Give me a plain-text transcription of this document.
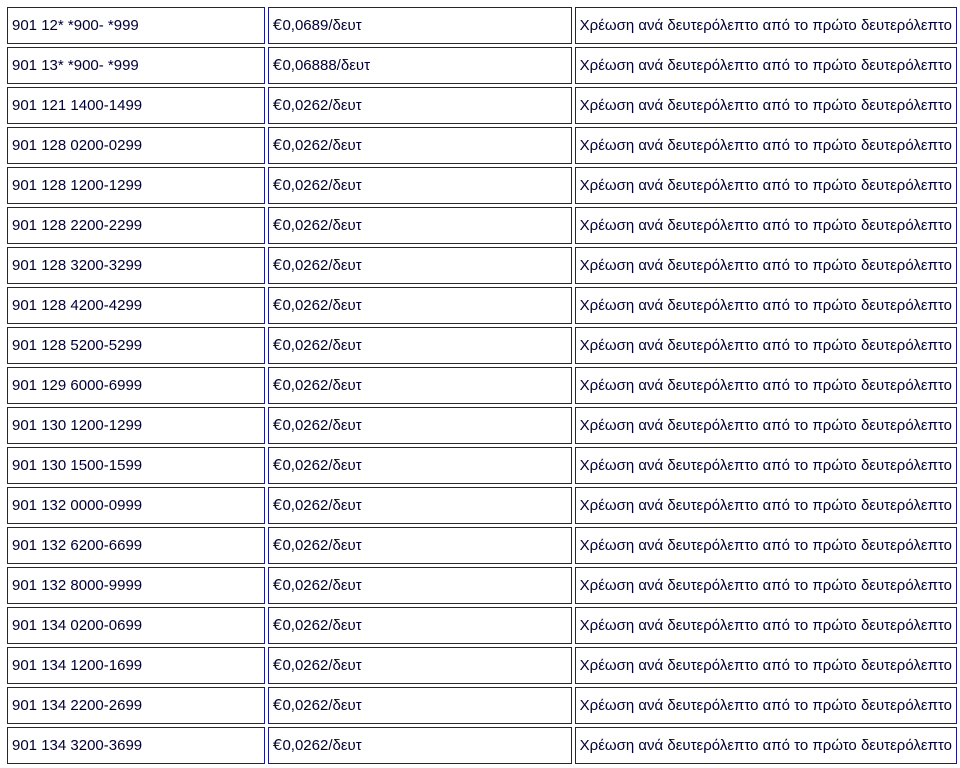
901 12* *900- *999	€0,0689/δευτ	Χρέωση ανά δευτερόλεπτο από το πρώτο δευτερόλεπτο
901 13* *900- *999	€0,06888/δευτ	Χρέωση ανά δευτερόλεπτο από το πρώτο δευτερόλεπτο
901 121 1400-1499	€0,0262/δευτ	Χρέωση ανά δευτερόλεπτο από το πρώτο δευτερόλεπτο
901 128 0200-0299	€0,0262/δευτ	Χρέωση ανά δευτερόλεπτο από το πρώτο δευτερόλεπτο
901 128 1200-1299	€0,0262/δευτ	Χρέωση ανά δευτερόλεπτο από το πρώτο δευτερόλεπτο
901 128 2200-2299	€0,0262/δευτ	Χρέωση ανά δευτερόλεπτο από το πρώτο δευτερόλεπτο
901 128 3200-3299	€0,0262/δευτ	Χρέωση ανά δευτερόλεπτο από το πρώτο δευτερόλεπτο
901 128 4200-4299	€0,0262/δευτ	Χρέωση ανά δευτερόλεπτο από το πρώτο δευτερόλεπτο
901 128 5200-5299	€0,0262/δευτ	Χρέωση ανά δευτερόλεπτο από το πρώτο δευτερόλεπτο
901 129 6000-6999	€0,0262/δευτ	Χρέωση ανά δευτερόλεπτο από το πρώτο δευτερόλεπτο
901 130 1200-1299	€0,0262/δευτ	Χρέωση ανά δευτερόλεπτο από το πρώτο δευτερόλεπτο
901 130 1500-1599	€0,0262/δευτ	Χρέωση ανά δευτερόλεπτο από το πρώτο δευτερόλεπτο
901 132 0000-0999	€0,0262/δευτ	Χρέωση ανά δευτερόλεπτο από το πρώτο δευτερόλεπτο
901 132 6200-6699	€0,0262/δευτ	Χρέωση ανά δευτερόλεπτο από το πρώτο δευτερόλεπτο
901 132 8000-9999	€0,0262/δευτ	Χρέωση ανά δευτερόλεπτο από το πρώτο δευτερόλεπτο
901 134 0200-0699	€0,0262/δευτ	Χρέωση ανά δευτερόλεπτο από το πρώτο δευτερόλεπτο
901 134 1200-1699	€0,0262/δευτ	Χρέωση ανά δευτερόλεπτο από το πρώτο δευτερόλεπτο
901 134 2200-2699	€0,0262/δευτ	Χρέωση ανά δευτερόλεπτο από το πρώτο δευτερόλεπτο
901 134 3200-3699	€0,0262/δευτ	Χρέωση ανά δευτερόλεπτο από το πρώτο δευτερόλεπτο
